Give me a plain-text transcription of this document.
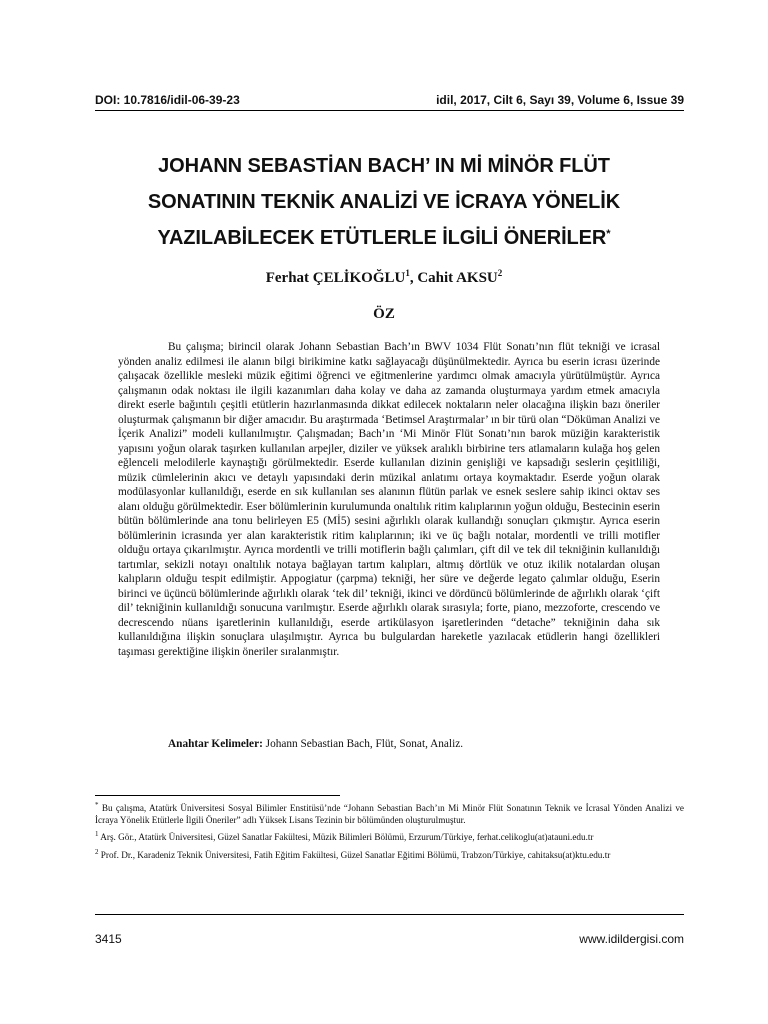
DOI: 10.7816/idil-06-39-23	idil, 2017, Cilt 6, Sayı 39, Volume 6, Issue 39
JOHANN SEBASTİAN BACH’ IN Mİ MİNÖR FLÜT
SONATININ TEKNİK ANALİZİ VE İCRAYA YÖNELİK
YAZILABİLECEK ETÜTLERLE İLGİLİ ÖNERİLER*
Ferhat ÇELİKOĞLU$^1$, Cahit AKSU$^2$
ÖZ

Bu çalışma; birincil olarak Johann Sebastian Bach’ın BWV 1034 Flüt Sonatı’nın flüt tekniği ve icrasal yönden analiz edilmesi ile alanın bilgi birikimine katkı sağlayacağı düşünülmektedir. Ayrıca bu eserin icrası üzerinde çalışacak özellikle mesleki müzik eğitimi öğrenci ve eğitmenlerine yardımcı olmak amacıyla yürütülmüştür. Ayrıca çalışmanın odak noktası ile ilgili kazanımları daha kolay ve daha az zamanda oluşturmaya yardım etmek amacıyla direkt eserle bağıntılı çeşitli etütlerin hazırlanmasında dikkat edilecek noktaların neler olacağına ilişkin bazı öneriler oluşturmak çalışmanın bir diğer amacıdır. Bu araştırmada ‘Betimsel Araştırmalar’ ın bir türü olan “Döküman Analizi ve İçerik Analizi” modeli kullanılmıştır. Çalışmadan; Bach’ın ‘Mi Minör Flüt Sonatı’nın barok müziğin karakteristik yapısını yoğun olarak taşırken kullanılan arpejler, diziler ve yüksek aralıklı birbirine ters atlamaların kulağa hoş gelen eğlenceli melodilerle kaynaştığı görülmektedir. Eserde kullanılan dizinin genişliği ve kapsadığı seslerin çeşitliliği, müzik cümlelerinin akıcı ve detaylı yapısındaki derin müzikal anlatımı ortaya koymaktadır. Eserde yoğun olarak modülasyonlar kullanıldığı, eserde en sık kullanılan ses alanının flütün parlak ve esnek seslere sahip ikinci oktav ses alanı olduğu görülmektedir. Eser bölümlerinin kurulumunda onaltılık ritim kalıplarının yoğun olduğu, Bestecinin eserin bütün bölümlerinde ana tonu belirleyen E5 (Mİ5) sesini ağırlıklı olarak kullandığı sonuçları çıkmıştır. Ayrıca eserin bölümlerinin icrasında yer alan karakteristik ritim kalıplarının; iki ve üç bağlı notalar, mordentli ve trilli motifler olduğu ortaya çıkarılmıştır. Ayrıca mordentli ve trilli motiflerin bağlı çalımları, çift dil ve tek dil tekniğinin kullanıldığı tartımlar, sekizli notayı onaltılık notaya bağlayan tartım kalıpları, altmış dörtlük ve otuz ikilik notalardan oluşan kalıpların olduğu tespit edilmiştir. Appogiatur (çarpma) tekniği, her süre ve değerde legato çalımlar olduğu, Eserin birinci ve üçüncü bölümlerinde ağırlıklı olarak ‘tek dil’ tekniği, ikinci ve dördüncü bölümlerinde de ağırlıklı olarak ‘çift dil’ tekniğinin kullanıldığı sonucuna varılmıştır. Eserde ağırlıklı olarak sırasıyla; forte, piano, mezzoforte, crescendo ve decrescendo nüans işaretlerinin kullanıldığı, eserde artikülasyon işaretlerinden “detache” tekniğinin daha sık kullanıldığına ilişkin sonuçlara ulaşılmıştır. Ayrıca bu bulgulardan hareketle yazılacak etüdlerin hangi özellikleri taşıması gerektiğine ilişkin öneriler sıralanmıştır.

Anahtar Kelimeler: Johann Sebastian Bach, Flüt, Sonat, Analiz.

* Bu çalışma, Atatürk Üniversitesi Sosyal Bilimler Enstitüsü’nde “Johann Sebastian Bach’ın Mi Minör Flüt Sonatının Teknik ve İcrasal Yönden Analizi ve İcraya Yönelik Etütlerle İlgili Öneriler” adlı Yüksek Lisans Tezinin bir bölümünden oluşturulmuştur.

$^1$ Arş. Gör., Atatürk Üniversitesi, Güzel Sanatlar Fakültesi, Müzik Bilimleri Bölümü, Erzurum/Türkiye, ferhat.celikoglu(at)atauni.edu.tr

$^2$ Prof. Dr., Karadeniz Teknik Üniversitesi, Fatih Eğitim Fakültesi, Güzel Sanatlar Eğitimi Bölümü, Trabzon/Türkiye, cahitaksu(at)ktu.edu.tr

3415	www.idildergisi.com
